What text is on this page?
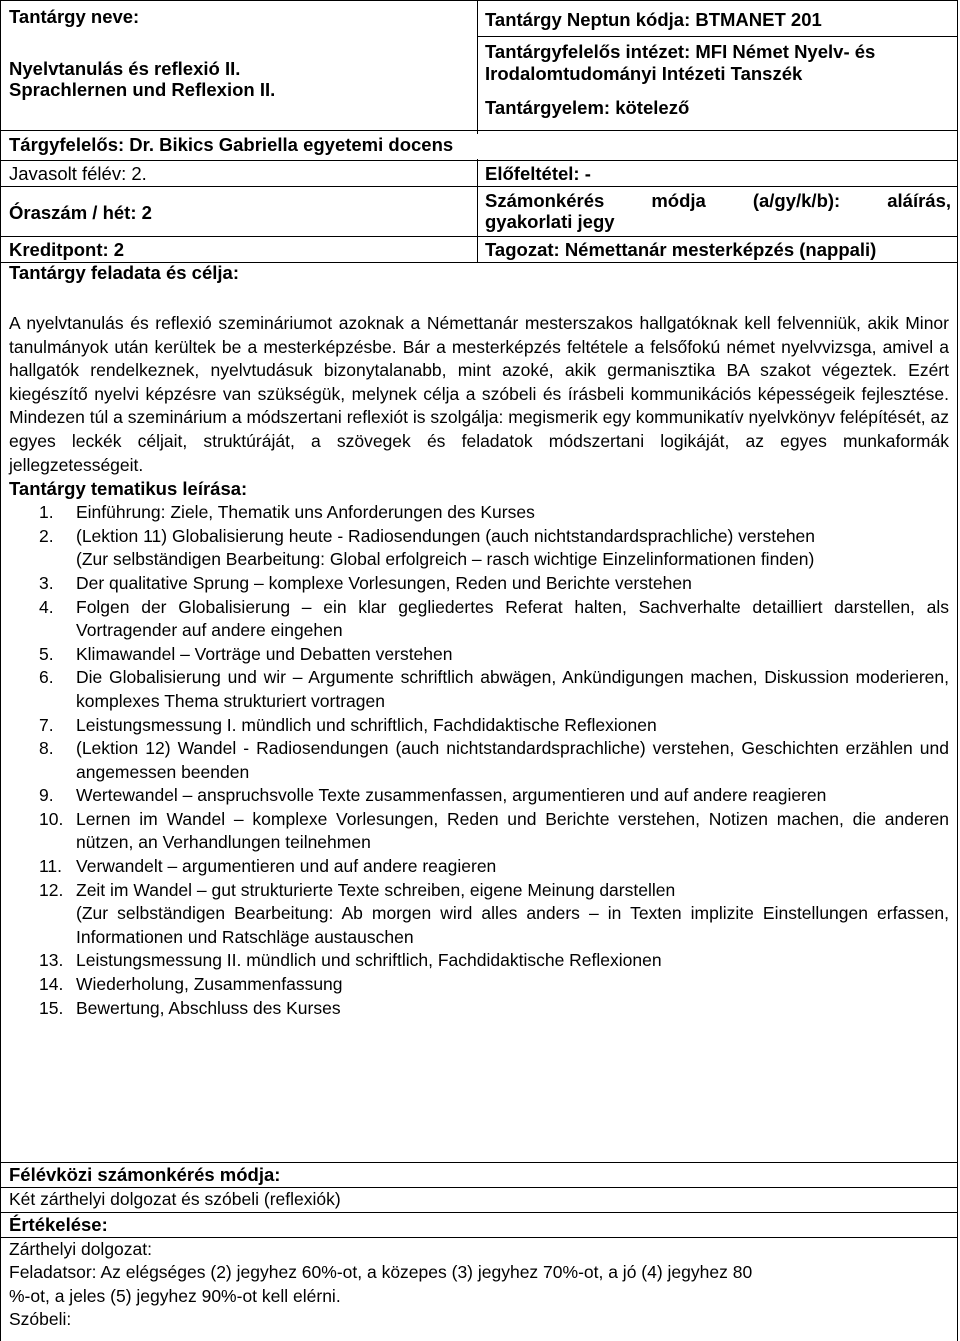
Tantárgy neve:
Nyelvtanulás és reflexió II.
Sprachlernen und Reflexion II.
Tantárgy Neptun kódja: BTMANET 201
Tantárgyfelelős intézet: MFI Német Nyelv- és
Irodalomtudományi Intézeti Tanszék
Tantárgyelem: kötelező
Tárgyfelelős: Dr. Bikics Gabriella egyetemi docens
Javasolt félév: 2.	Előfeltétel: -
Óraszám / hét: 2
Számonkérés módja (a/gy/k/b): aláírás,
gyakorlati jegy
Kreditpont: 2	Tagozat: Némettanár mesterképzés (nappali)
Tantárgy feladata és célja:

A nyelvtanulás és reflexió szemináriumot azoknak a Némettanár mesterszakos hallgatóknak kell felvenniük, akik Minor tanulmányok után kerültek be a mesterképzésbe. Bár a mesterképzés feltétele a felsőfokú német nyelvvizsga, amivel a hallgatók rendelkeznek, nyelvtudásuk bizonytalanabb, mint azoké, akik germanisztika BA szakot végeztek. Ezért kiegészítő nyelvi képzésre van szükségük, melynek célja a szóbeli és írásbeli kommunikációs képességeik fejlesztése. Mindezen túl a szeminárium a módszertani reflexiót is szolgálja: megismerik egy kommunikatív nyelvkönyv felépítését, az egyes leckék céljait, struktúráját, a szövegek és feladatok módszertani logikáját, az egyes munkaformák jellegzetességeit.

Tantárgy tematikus leírása:

1.	Einführung: Ziele, Thematik uns Anforderungen des Kurses
2.	(Lektion 11) Globalisierung heute - Radiosendungen (auch nichtstandardsprachliche) verstehen
(Zur selbständigen Bearbeitung: Global erfolgreich – rasch wichtige Einzelinformationen finden)
3.	Der qualitative Sprung – komplexe Vorlesungen, Reden und Berichte verstehen
4.	Folgen der Globalisierung – ein klar gegliedertes Referat halten, Sachverhalte detailliert darstellen, als Vortragender auf andere eingehen
5.	Klimawandel – Vorträge und Debatten verstehen
6.	Die Globalisierung und wir – Argumente schriftlich abwägen, Ankündigungen machen, Diskussion moderieren, komplexes Thema strukturiert vortragen
7.	Leistungsmessung I. mündlich und schriftlich, Fachdidaktische Reflexionen
8.	(Lektion 12) Wandel - Radiosendungen (auch nichtstandardsprachliche) verstehen, Geschichten erzählen und angemessen beenden
9.	Wertewandel – anspruchsvolle Texte zusammenfassen, argumentieren und auf andere reagieren
10. Lernen im Wandel – komplexe Vorlesungen, Reden und Berichte verstehen, Notizen machen, die anderen nützen, an Verhandlungen teilnehmen
11. Verwandelt – argumentieren und auf andere reagieren
12. Zeit im Wandel – gut strukturierte Texte schreiben, eigene Meinung darstellen
(Zur selbständigen Bearbeitung: Ab morgen wird alles anders – in Texten implizite Einstellungen erfassen, Informationen und Ratschläge austauschen
13. Leistungsmessung II. mündlich und schriftlich, Fachdidaktische Reflexionen
14. Wiederholung, Zusammenfassung
15. Bewertung, Abschluss des Kurses

Félévközi számonkérés módja:

Két zárthelyi dolgozat és szóbeli (reflexiók)

Értékelése:

Zárthelyi dolgozat:
Feladatsor: Az elégséges (2) jegyhez 60%-ot, a közepes (3) jegyhez 70%-ot, a jó (4) jegyhez 80
%-ot, a jeles (5) jegyhez 90%-ot kell elérni.
Szóbeli:
